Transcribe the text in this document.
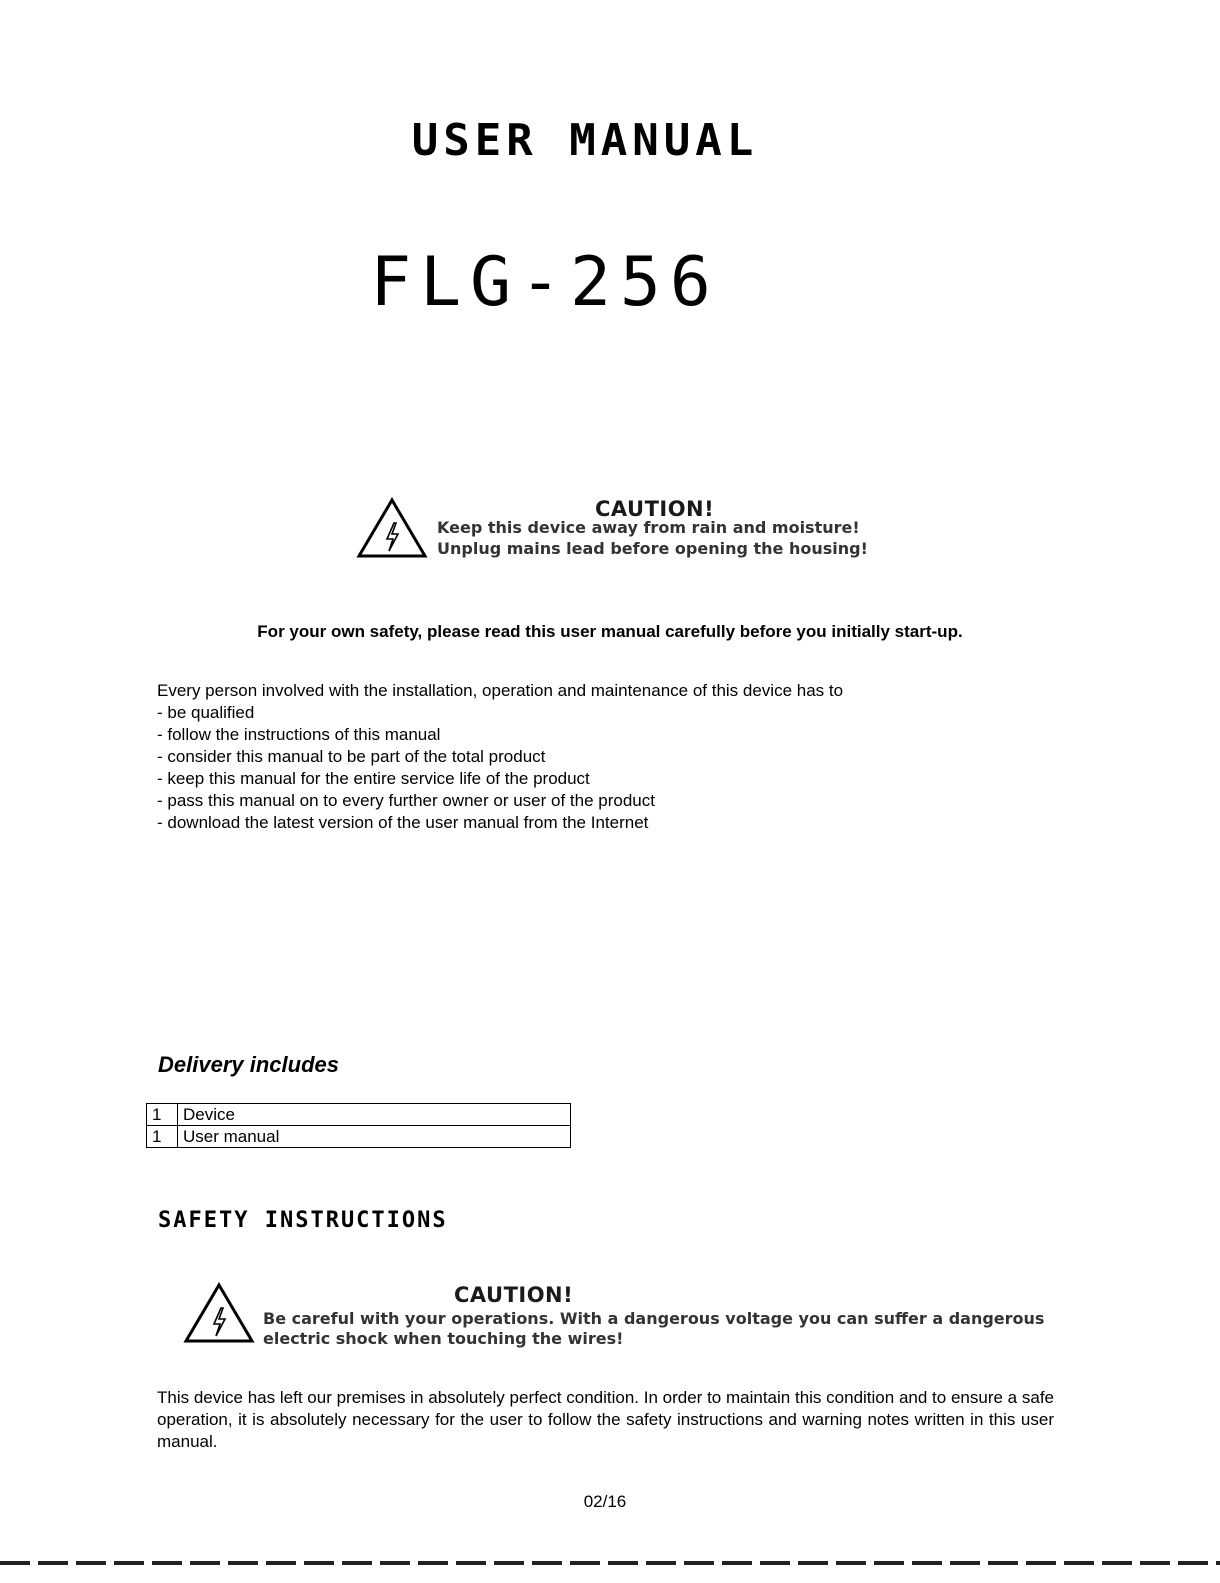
USER MANUAL
FLG-256
CAUTION!
Keep this device away from rain and moisture!
Unplug mains lead before opening the housing!
For your own safety, please read this user manual carefully before you initially start-up.
Every person involved with the installation, operation and maintenance of this device has to
- be qualified
- follow the instructions of this manual
- consider this manual to be part of the total product
- keep this manual for the entire service life of the product
- pass this manual on to every further owner or user of the product
- download the latest version of the user manual from the Internet
Delivery includes
1	Device
1	User manual
SAFETY INSTRUCTIONS
CAUTION!
Be careful with your operations. With a dangerous voltage you can suffer a dangerous
electric shock when touching the wires!
This device has left our premises in absolutely perfect condition. In order to maintain this condition and to ensure a safe operation, it is absolutely necessary for the user to follow the safety instructions and warning notes written in this user manual.
02/16
